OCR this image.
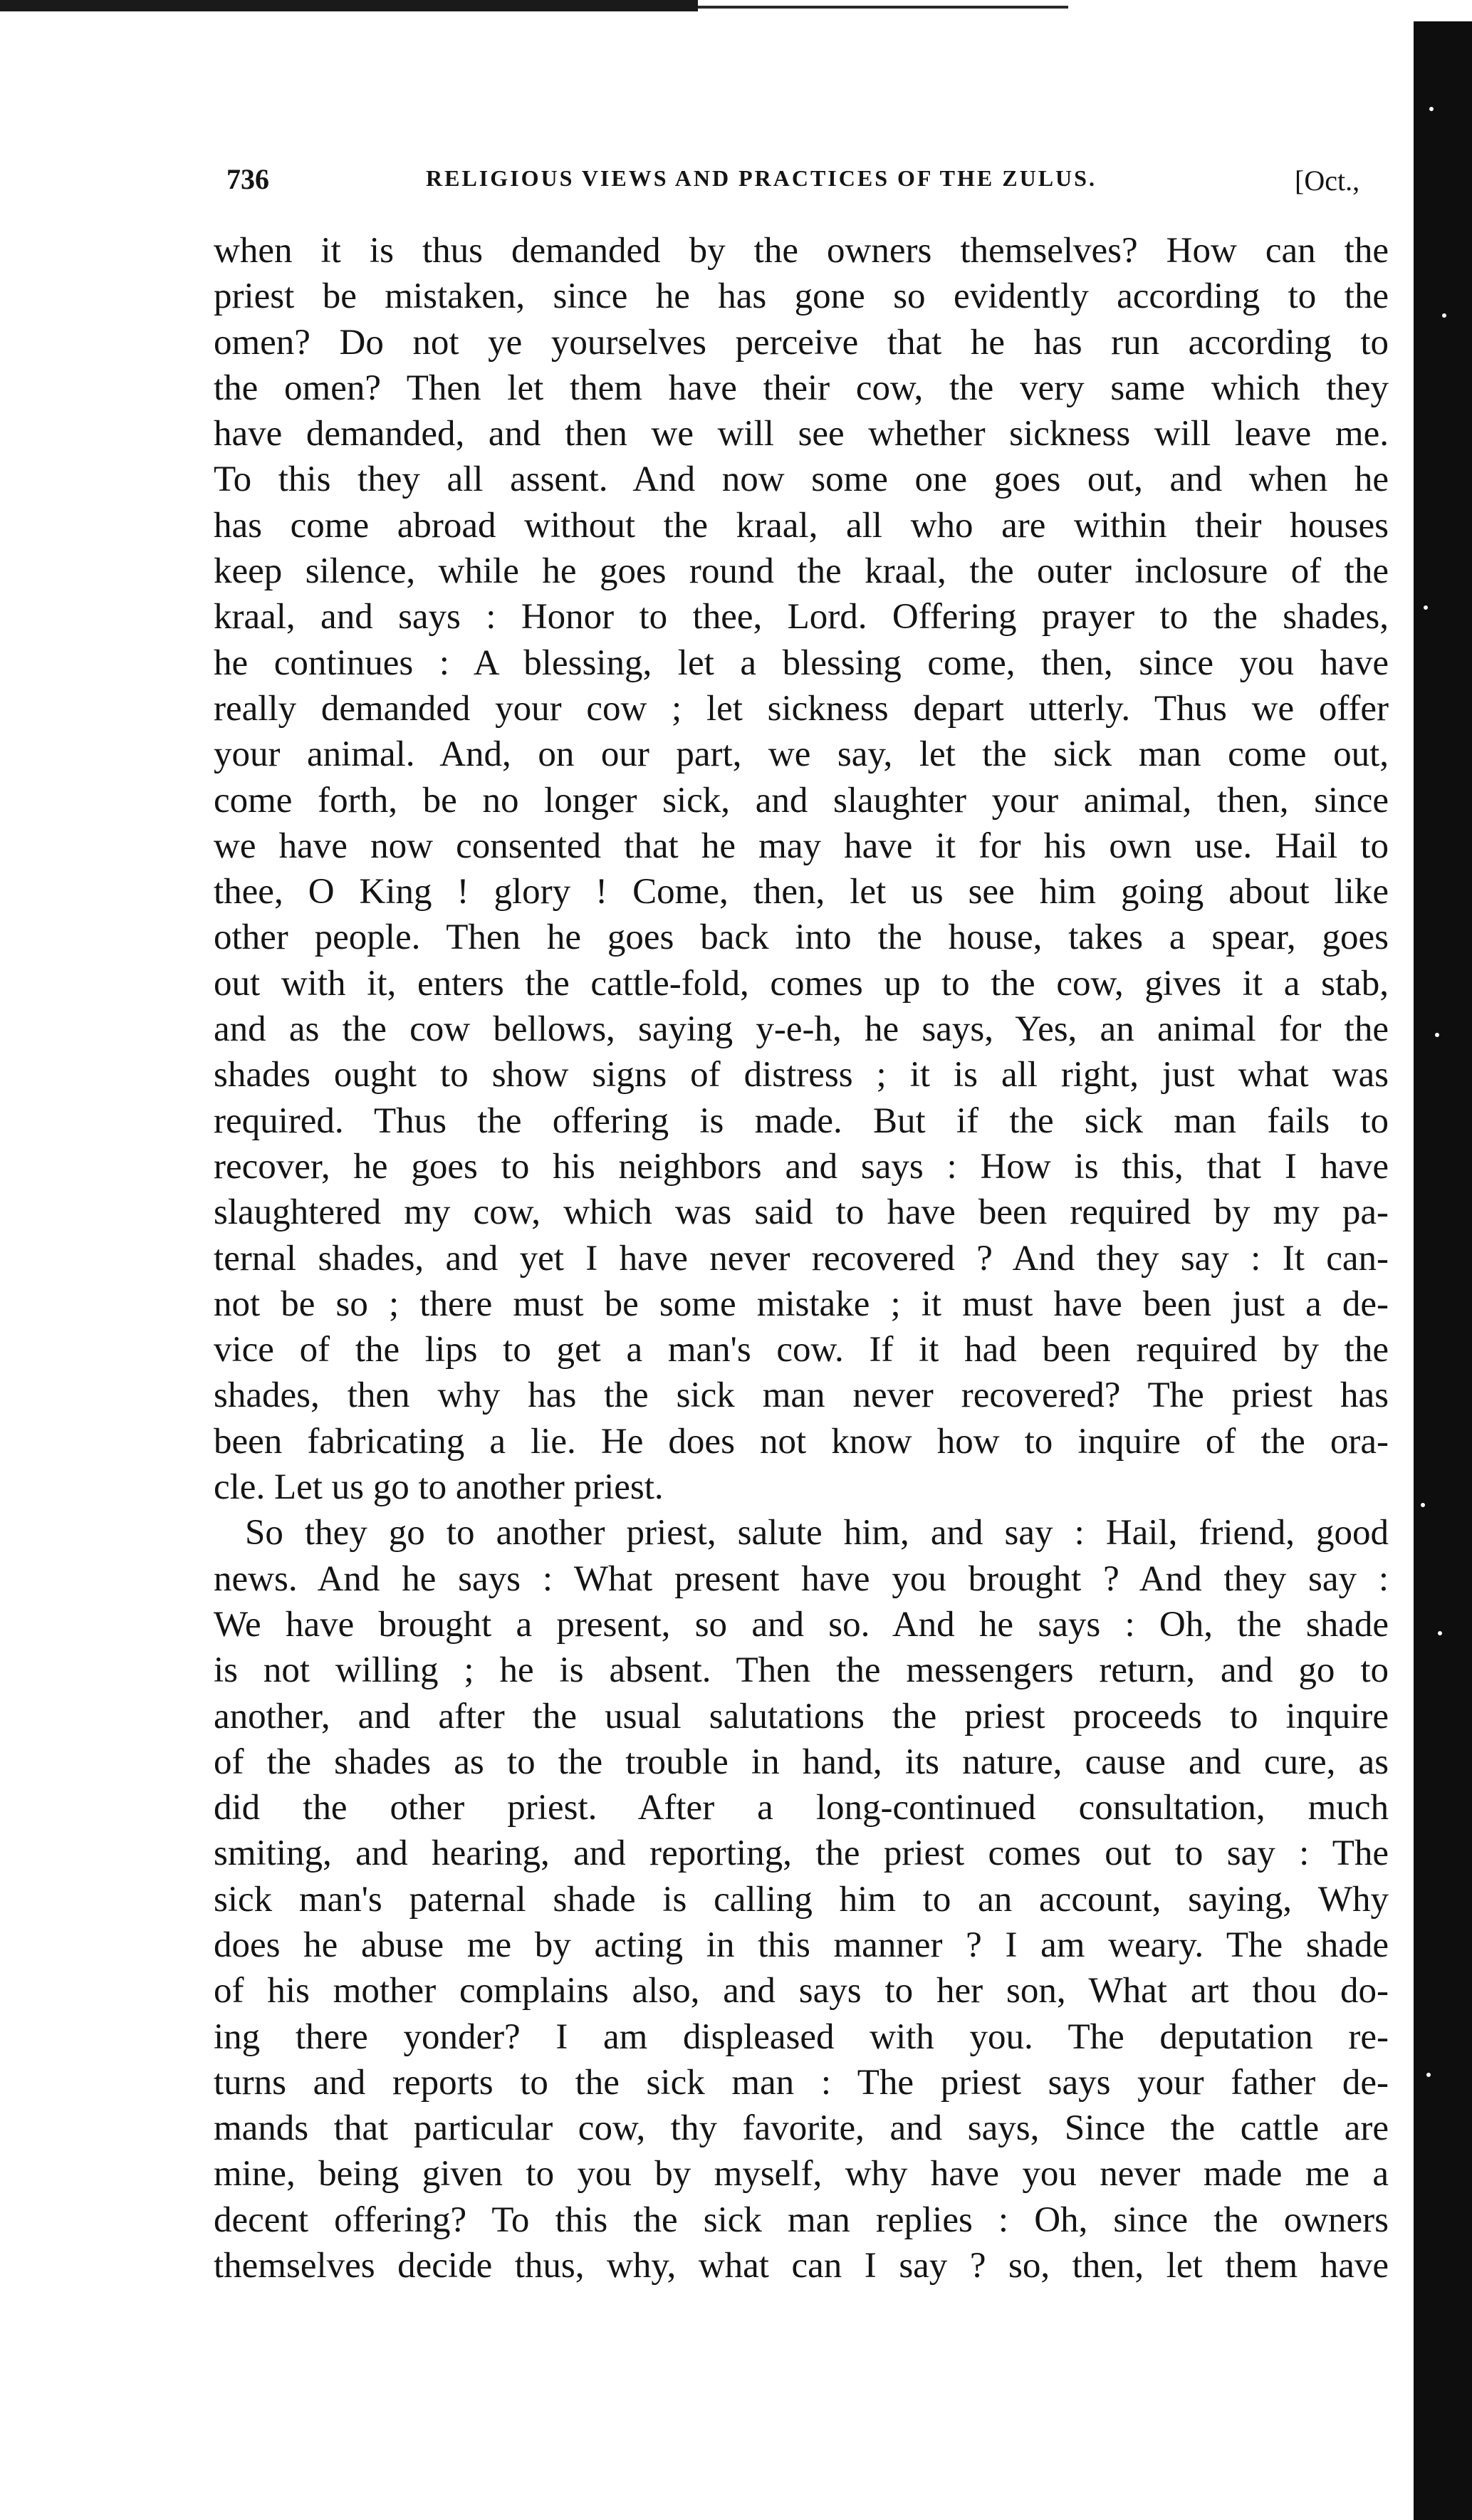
736	RELIGIOUS VIEWS AND PRACTICES OF THE ZULUS.	[Oct.,
when it is thus demanded by the owners themselves? How can the
priest be mistaken, since he has gone so evidently according to the
omen? Do not ye yourselves perceive that he has run according to
the omen? Then let them have their cow, the very same which they
have demanded, and then we will see whether sickness will leave me.
To this they all assent. And now some one goes out, and when he
has come abroad without the kraal, all who are within their houses
keep silence, while he goes round the kraal, the outer inclosure of the
kraal, and says : Honor to thee, Lord. Offering prayer to the shades,
he continues : A blessing, let a blessing come, then, since you have
really demanded your cow ; let sickness depart utterly. Thus we offer
your animal. And, on our part, we say, let the sick man come out,
come forth, be no longer sick, and slaughter your animal, then, since
we have now consented that he may have it for his own use. Hail to
thee, O King ! glory ! Come, then, let us see him going about like
other people. Then he goes back into the house, takes a spear, goes
out with it, enters the cattle-fold, comes up to the cow, gives it a stab,
and as the cow bellows, saying y-e-h, he says, Yes, an animal for the
shades ought to show signs of distress ; it is all right, just what was
required. Thus the offering is made. But if the sick man fails to
recover, he goes to his neighbors and says : How is this, that I have
slaughtered my cow, which was said to have been required by my pa-
ternal shades, and yet I have never recovered ? And they say : It can-
not be so ; there must be some mistake ; it must have been just a de-
vice of the lips to get a man's cow. If it had been required by the
shades, then why has the sick man never recovered? The priest has
been fabricating a lie. He does not know how to inquire of the ora-
cle. Let us go to another priest.
So they go to another priest, salute him, and say : Hail, friend, good
news. And he says : What present have you brought ? And they say :
We have brought a present, so and so. And he says : Oh, the shade
is not willing ; he is absent. Then the messengers return, and go to
another, and after the usual salutations the priest proceeds to inquire
of the shades as to the trouble in hand, its nature, cause and cure, as
did the other priest. After a long-continued consultation, much
smiting, and hearing, and reporting, the priest comes out to say : The
sick man's paternal shade is calling him to an account, saying, Why
does he abuse me by acting in this manner ? I am weary. The shade
of his mother complains also, and says to her son, What art thou do-
ing there yonder? I am displeased with you. The deputation re-
turns and reports to the sick man : The priest says your father de-
mands that particular cow, thy favorite, and says, Since the cattle are
mine, being given to you by myself, why have you never made me a
decent offering? To this the sick man replies : Oh, since the owners
themselves decide thus, why, what can I say ? so, then, let them have
